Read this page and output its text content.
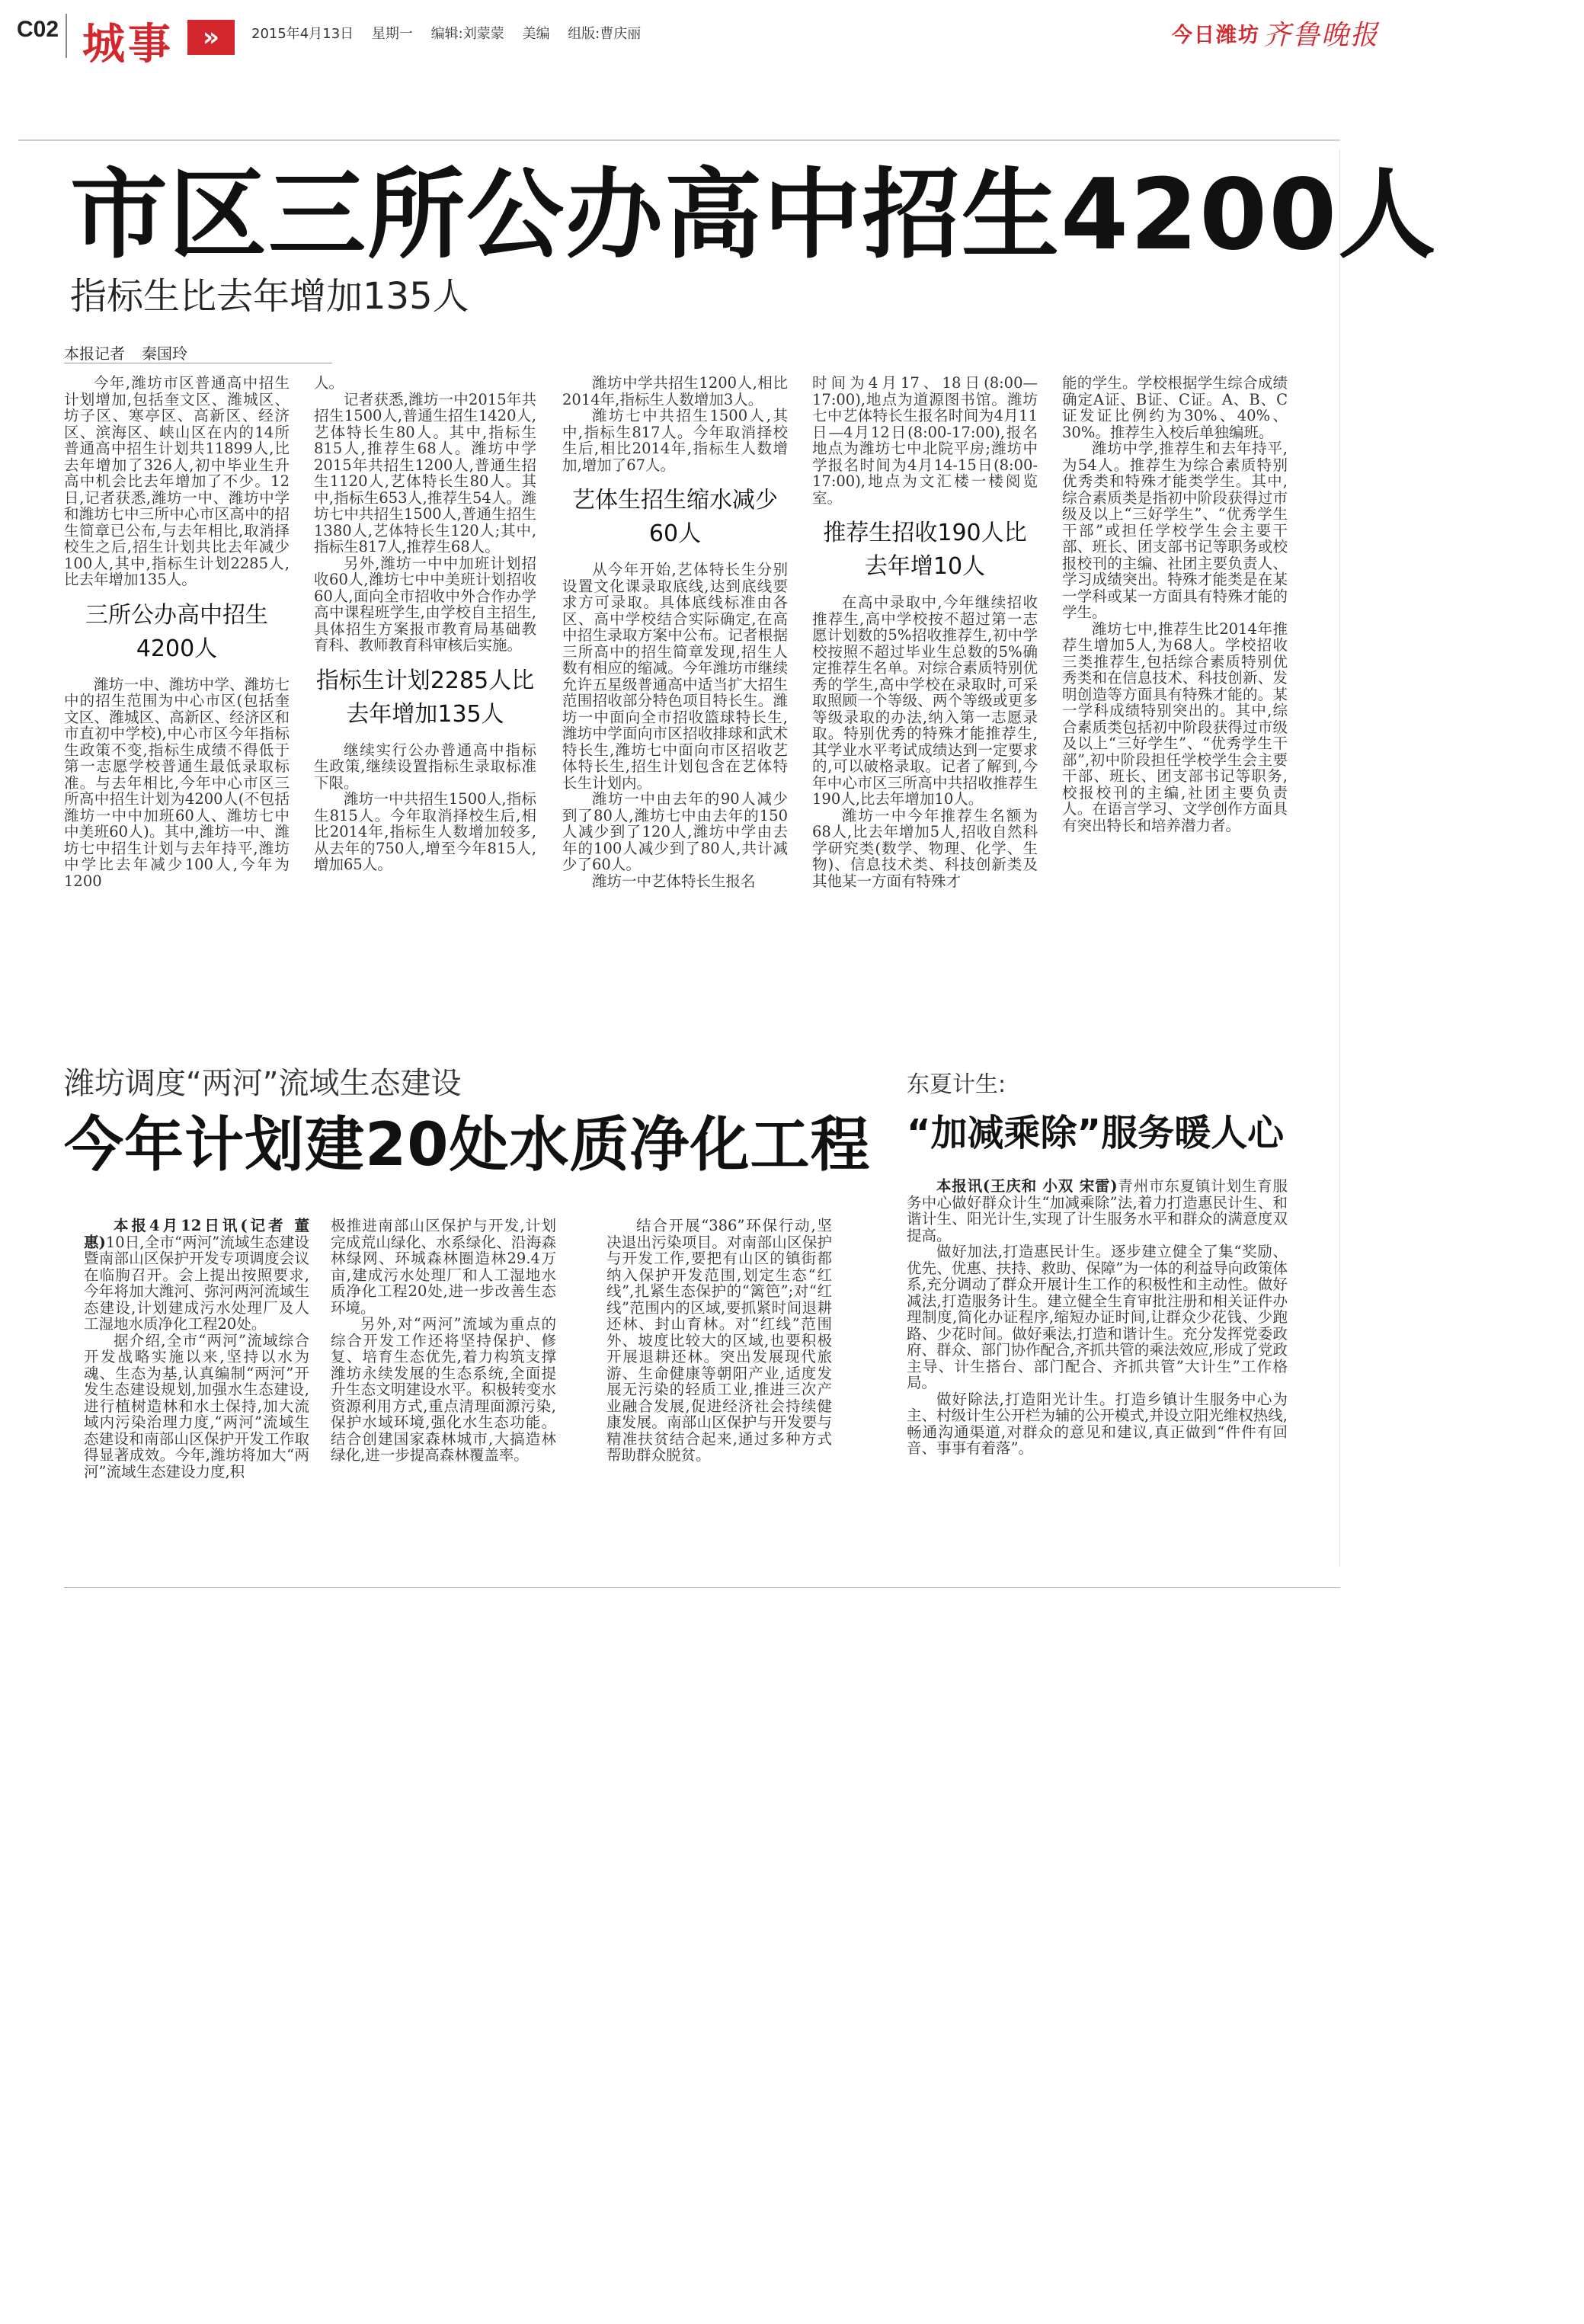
C02 城事	»	2015年4月13日 星期一 编辑:刘蒙蒙 美编 组版:曹庆丽	今日潍坊 齐鲁晚报
市区三所公办高中招生4200人
指标生比去年增加135人
本报记者 秦国玲

今年,潍坊市区普通高中招生计划增加,包括奎文区、潍城区、坊子区、寒亭区、高新区、经济区、滨海区、峡山区在内的14所普通高中招生计划共11899人,比去年增加了326人,初中毕业生升高中机会比去年增加了不少。12日,记者获悉,潍坊一中、潍坊中学和潍坊七中三所中心市区高中的招生简章已公布,与去年相比,取消择校生之后,招生计划共比去年减少100人,其中,指标生计划2285人,比去年增加135人。

三所公办高中招生4200人

潍坊一中、潍坊中学、潍坊七中的招生范围为中心市区(包括奎文区、潍城区、高新区、经济区和市直初中学校),中心市区今年指标生政策不变,指标生成绩不得低于第一志愿学校普通生最低录取标准。与去年相比,今年中心市区三所高中招生计划为4200人(不包括潍坊一中中加班60人、潍坊七中中美班60人)。其中,潍坊一中、潍坊七中招生计划与去年持平,潍坊中学比去年减少100人,今年为1200

人。

记者获悉,潍坊一中2015年共招生1500人,普通生招生1420人,艺体特长生80人。其中,指标生815人,推荐生68人。潍坊中学2015年共招生1200人,普通生招生1120人,艺体特长生80人。其中,指标生653人,推荐生54人。潍坊七中共招生1500人,普通生招生1380人,艺体特长生120人;其中,指标生817人,推荐生68人。

另外,潍坊一中中加班计划招收60人,潍坊七中中美班计划招收60人,面向全市招收中外合作办学高中课程班学生,由学校自主招生,具体招生方案报市教育局基础教育科、教师教育科审核后实施。

指标生计划2285人比去年增加135人

继续实行公办普通高中指标生政策,继续设置指标生录取标准下限。

潍坊一中共招生1500人,指标生815人。今年取消择校生后,相比2014年,指标生人数增加较多,从去年的750人,增至今年815人,增加65人。

潍坊中学共招生1200人,相比2014年,指标生人数增加3人。

潍坊七中共招生1500人,其中,指标生817人。今年取消择校生后,相比2014年,指标生人数增加,增加了67人。

艺体生招生缩水减少60人

从今年开始,艺体特长生分别设置文化课录取底线,达到底线要求方可录取。具体底线标准由各区、高中学校结合实际确定,在高中招生录取方案中公布。记者根据三所高中的招生简章发现,招生人数有相应的缩减。今年潍坊市继续允许五星级普通高中适当扩大招生范围招收部分特色项目特长生。潍坊一中面向全市招收篮球特长生,潍坊中学面向市区招收排球和武术特长生,潍坊七中面向市区招收艺体特长生,招生计划包含在艺体特长生计划内。

潍坊一中由去年的90人减少到了80人,潍坊七中由去年的150人减少到了120人,潍坊中学由去年的100人减少到了80人,共计减少了60人。

潍坊一中艺体特长生报名

时间为4月17、18日(8:00—17:00),地点为道源图书馆。潍坊七中艺体特长生报名时间为4月11日—4月12日(8:00-17:00),报名地点为潍坊七中北院平房;潍坊中学报名时间为4月14-15日(8:00-17:00),地点为文汇楼一楼阅览室。

推荐生招收190人比去年增10人

在高中录取中,今年继续招收推荐生,高中学校按不超过第一志愿计划数的5%招收推荐生,初中学校按照不超过毕业生总数的5%确定推荐生名单。对综合素质特别优秀的学生,高中学校在录取时,可采取照顾一个等级、两个等级或更多等级录取的办法,纳入第一志愿录取。特别优秀的特殊才能推荐生,其学业水平考试成绩达到一定要求的,可以破格录取。记者了解到,今年中心市区三所高中共招收推荐生190人,比去年增加10人。

潍坊一中今年推荐生名额为68人,比去年增加5人,招收自然科学研究类(数学、物理、化学、生物)、信息技术类、科技创新类及其他某一方面有特殊才

能的学生。学校根据学生综合成绩确定A证、B证、C证。A、B、C证发证比例约为30%、40%、30%。推荐生入校后单独编班。

潍坊中学,推荐生和去年持平,为54人。推荐生为综合素质特别优秀类和特殊才能类学生。其中,综合素质类是指初中阶段获得过市级及以上“三好学生”、“优秀学生干部”或担任学校学生会主要干部、班长、团支部书记等职务或校报校刊的主编、社团主要负责人、学习成绩突出。特殊才能类是在某一学科或某一方面具有特殊才能的学生。

潍坊七中,推荐生比2014年推荐生增加5人,为68人。学校招收三类推荐生,包括综合素质特别优秀类和在信息技术、科技创新、发明创造等方面具有特殊才能的。某一学科成绩特别突出的。其中,综合素质类包括初中阶段获得过市级及以上“三好学生”、“优秀学生干部”,初中阶段担任学校学生会主要干部、班长、团支部书记等职务,校报校刊的主编,社团主要负责人。在语言学习、文学创作方面具有突出特长和培养潜力者。

潍坊调度“两河”流域生态建设
今年计划建20处水质净化工程

本报4月12日讯(记者 董惠)10日,全市“两河”流域生态建设暨南部山区保护开发专项调度会议在临朐召开。会上提出按照要求,今年将加大潍河、弥河两河流域生态建设,计划建成污水处理厂及人工湿地水质净化工程20处。

据介绍,全市“两河”流域综合开发战略实施以来,坚持以水为魂、生态为基,认真编制“两河”开发生态建设规划,加强水生态建设,进行植树造林和水土保持,加大流域内污染治理力度,“两河”流域生态建设和南部山区保护开发工作取得显著成效。今年,潍坊将加大“两河”流域生态建设力度,积

极推进南部山区保护与开发,计划完成荒山绿化、水系绿化、沿海森林绿网、环城森林圈造林29.4万亩,建成污水处理厂和人工湿地水质净化工程20处,进一步改善生态环境。

另外,对“两河”流域为重点的综合开发工作还将坚持保护、修复、培育生态优先,着力构筑支撑潍坊永续发展的生态系统,全面提升生态文明建设水平。积极转变水资源利用方式,重点清理面源污染,保护水域环境,强化水生态功能。结合创建国家森林城市,大搞造林绿化,进一步提高森林覆盖率。

结合开展“386”环保行动,坚决退出污染项目。对南部山区保护与开发工作,要把有山区的镇街都纳入保护开发范围,划定生态“红线”,扎紧生态保护的“篱笆”;对“红线”范围内的区域,要抓紧时间退耕还林、封山育林。对“红线”范围外、坡度比较大的区域,也要积极开展退耕还林。突出发展现代旅游、生命健康等朝阳产业,适度发展无污染的轻质工业,推进三次产业融合发展,促进经济社会持续健康发展。南部山区保护与开发要与精准扶贫结合起来,通过多种方式帮助群众脱贫。

东夏计生:
“加减乘除”服务暖人心

本报讯(王庆和 小双 宋雷)青州市东夏镇计划生育服务中心做好群众计生“加减乘除”法,着力打造惠民计生、和谐计生、阳光计生,实现了计生服务水平和群众的满意度双提高。

做好加法,打造惠民计生。逐步建立健全了集“奖励、优先、优惠、扶持、救助、保障”为一体的利益导向政策体系,充分调动了群众开展计生工作的积极性和主动性。做好减法,打造服务计生。建立健全生育审批注册和相关证件办理制度,简化办证程序,缩短办证时间,让群众少花钱、少跑路、少花时间。做好乘法,打造和谐计生。充分发挥党委政府、群众、部门协作配合,齐抓共管的乘法效应,形成了党政主导、计生搭台、部门配合、齐抓共管”大计生”工作格局。

做好除法,打造阳光计生。打造乡镇计生服务中心为主、村级计生公开栏为辅的公开模式,并设立阳光维权热线,畅通沟通渠道,对群众的意见和建议,真正做到“件件有回音、事事有着落”。
